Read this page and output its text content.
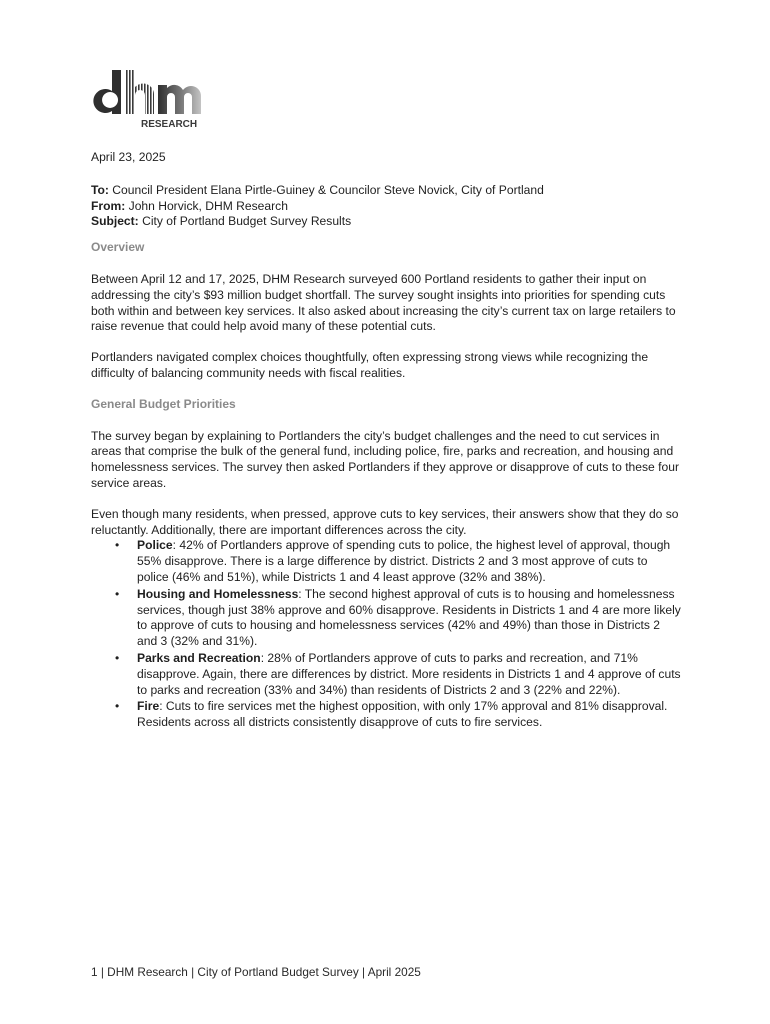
RESEARCH

April 23, 2025

To: Council President Elana Pirtle-Guiney & Councilor Steve Novick, City of Portland

From: John Horvick, DHM Research

Subject: City of Portland Budget Survey Results

Overview

Between April 12 and 17, 2025, DHM Research surveyed 600 Portland residents to gather their input on addressing the city’s $93 million budget shortfall. The survey sought insights into priorities for spending cuts both within and between key services. It also asked about increasing the city’s current tax on large retailers to raise revenue that could help avoid many of these potential cuts.

Portlanders navigated complex choices thoughtfully, often expressing strong views while recognizing the difficulty of balancing community needs with fiscal realities.

General Budget Priorities

The survey began by explaining to Portlanders the city’s budget challenges and the need to cut services in areas that comprise the bulk of the general fund, including police, fire, parks and recreation, and housing and homelessness services. The survey then asked Portlanders if they approve or disapprove of cuts to these four service areas.

Even though many residents, when pressed, approve cuts to key services, their answers show that they do so reluctantly. Additionally, there are important differences across the city.

• Police: 42% of Portlanders approve of spending cuts to police, the highest level of approval, though 55% disapprove. There is a large difference by district. Districts 2 and 3 most approve of cuts to police (46% and 51%), while Districts 1 and 4 least approve (32% and 38%).
• Housing and Homelessness: The second highest approval of cuts is to housing and homelessness services, though just 38% approve and 60% disapprove. Residents in Districts 1 and 4 are more likely to approve of cuts to housing and homelessness services (42% and 49%) than those in Districts 2 and 3 (32% and 31%).
• Parks and Recreation: 28% of Portlanders approve of cuts to parks and recreation, and 71% disapprove. Again, there are differences by district. More residents in Districts 1 and 4 approve of cuts to parks and recreation (33% and 34%) than residents of Districts 2 and 3 (22% and 22%).
• Fire: Cuts to fire services met the highest opposition, with only 17% approval and 81% disapproval. Residents across all districts consistently disapprove of cuts to fire services.
1 | DHM Research | City of Portland Budget Survey | April 2025
